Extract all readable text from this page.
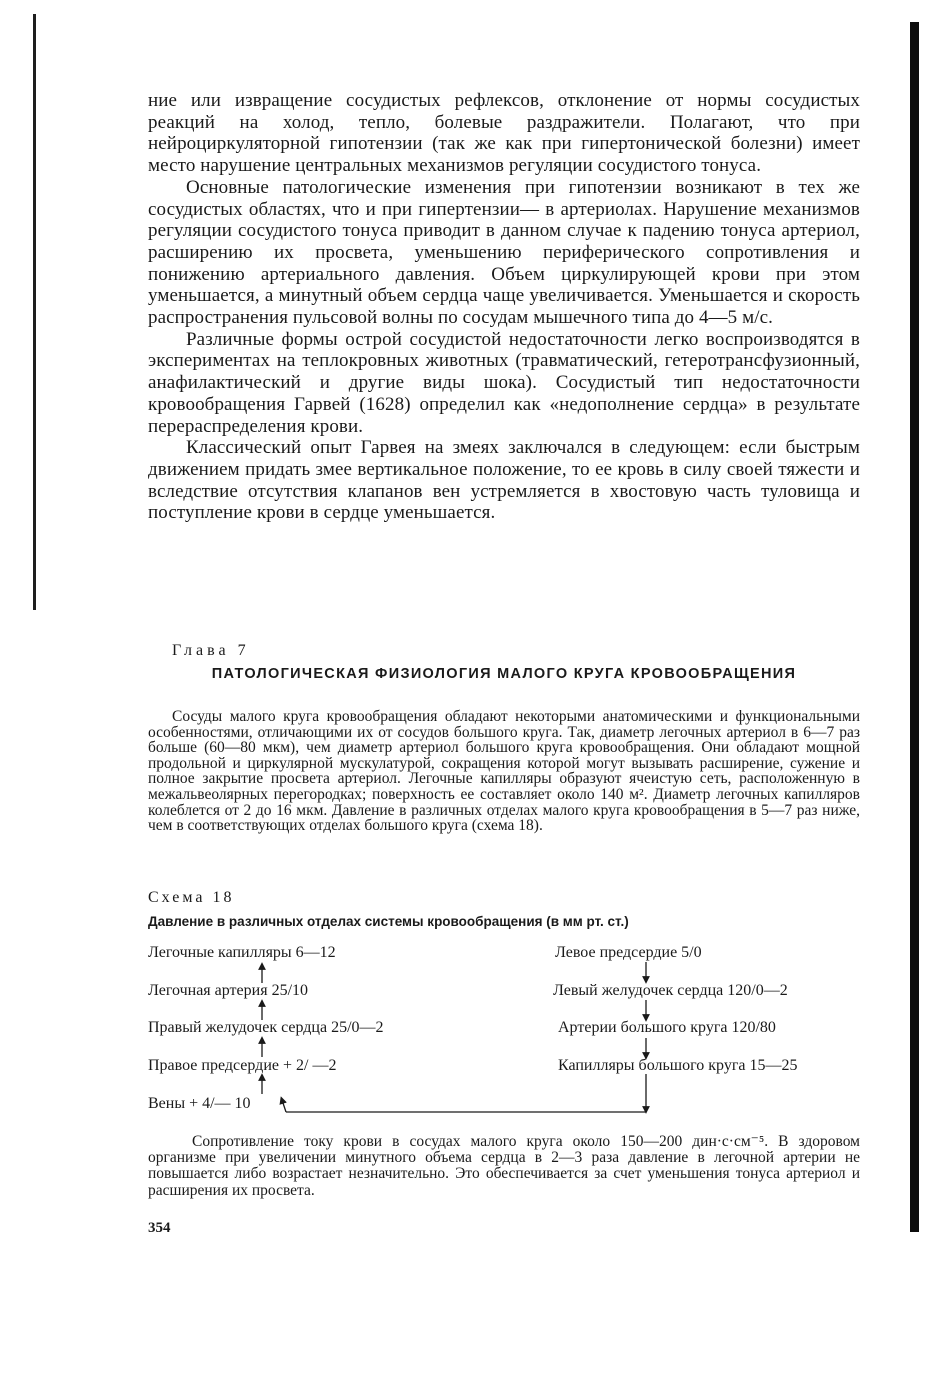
ние или извращение сосудистых рефлексов, отклонение от нормы сосудистых реакций на холод, тепло, болевые раздражители. Полагают, что при нейроциркуляторной гипотензии (так же как при гипертонической болезни) имеет место нарушение центральных механизмов регуляции сосудистого тонуса.

Основные патологические изменения при гипотензии возникают в тех же сосудистых областях, что и при гипертензии— в артериолах. Нарушение механизмов регуляции сосудистого тонуса приводит в данном случае к падению тонуса артериол, расширению их просвета, уменьшению периферического сопротивления и понижению артериального давления. Объем циркулирующей крови при этом уменьшается, а минутный объем сердца чаще увеличивается. Уменьшается и скорость распространения пульсовой волны по сосудам мышечного типа до 4—5 м/с.

Различные формы острой сосудистой недостаточности легко воспроизводятся в экспериментах на теплокровных животных (травматический, гетеротрансфузионный, анафилактический и другие виды шока). Сосудистый тип недостаточности кровообращения Гарвей (1628) определил как «недополнение сердца» в результате перераспределения крови.

Классический опыт Гарвея на змеях заключался в следующем: если быстрым движением придать змее вертикальное положение, то ее кровь в силу своей тяжести и вследствие отсутствия клапанов вен устремляется в хвостовую часть туловища и поступление крови в сердце уменьшается.

Глава 7
ПАТОЛОГИЧЕСКАЯ ФИЗИОЛОГИЯ МАЛОГО КРУГА КРОВООБРАЩЕНИЯ

Сосуды малого круга кровообращения обладают некоторыми анатомическими и функциональными особенностями, отличающими их от сосудов большого круга. Так, диаметр легочных артериол в 6—7 раз больше (60—80 мкм), чем диаметр артериол большого круга кровообращения. Они обладают мощной продольной и циркулярной мускулатурой, сокращения которой могут вызывать расширение, сужение и полное закрытие просвета артериол. Легочные капилляры образуют ячеистую сеть, расположенную в межальвеолярных перегородках; поверхность ее составляет около 140 м². Диаметр легочных капилляров колеблется от 2 до 16 мкм. Давление в различных отделах малого круга кровообращения в 5—7 раз ниже, чем в соответствующих отделах большого круга (схема 18).

Схема 18
Давление в различных отделах системы кровообращения (в мм рт. ст.)
Легочные капилляры 6—12
Легочная артерия 25/10
Правый желудочек сердца 25/0—2
Правое предсердие + 2/ —2
Вены + 4/— 10
Левое предсердие 5/0
Левый желудочек сердца 120/0—2
Артерии большого круга 120/80
Капилляры большого круга 15—25

Сопротивление току крови в сосудах малого круга около 150—200 дин·с·см⁻⁵. В здоровом организме при увеличении минутного объема сердца в 2—3 раза давление в легочной артерии не повышается либо возрастает незначительно. Это обеспечивается за счет уменьшения тонуса артериол и расширения их просвета.

354
